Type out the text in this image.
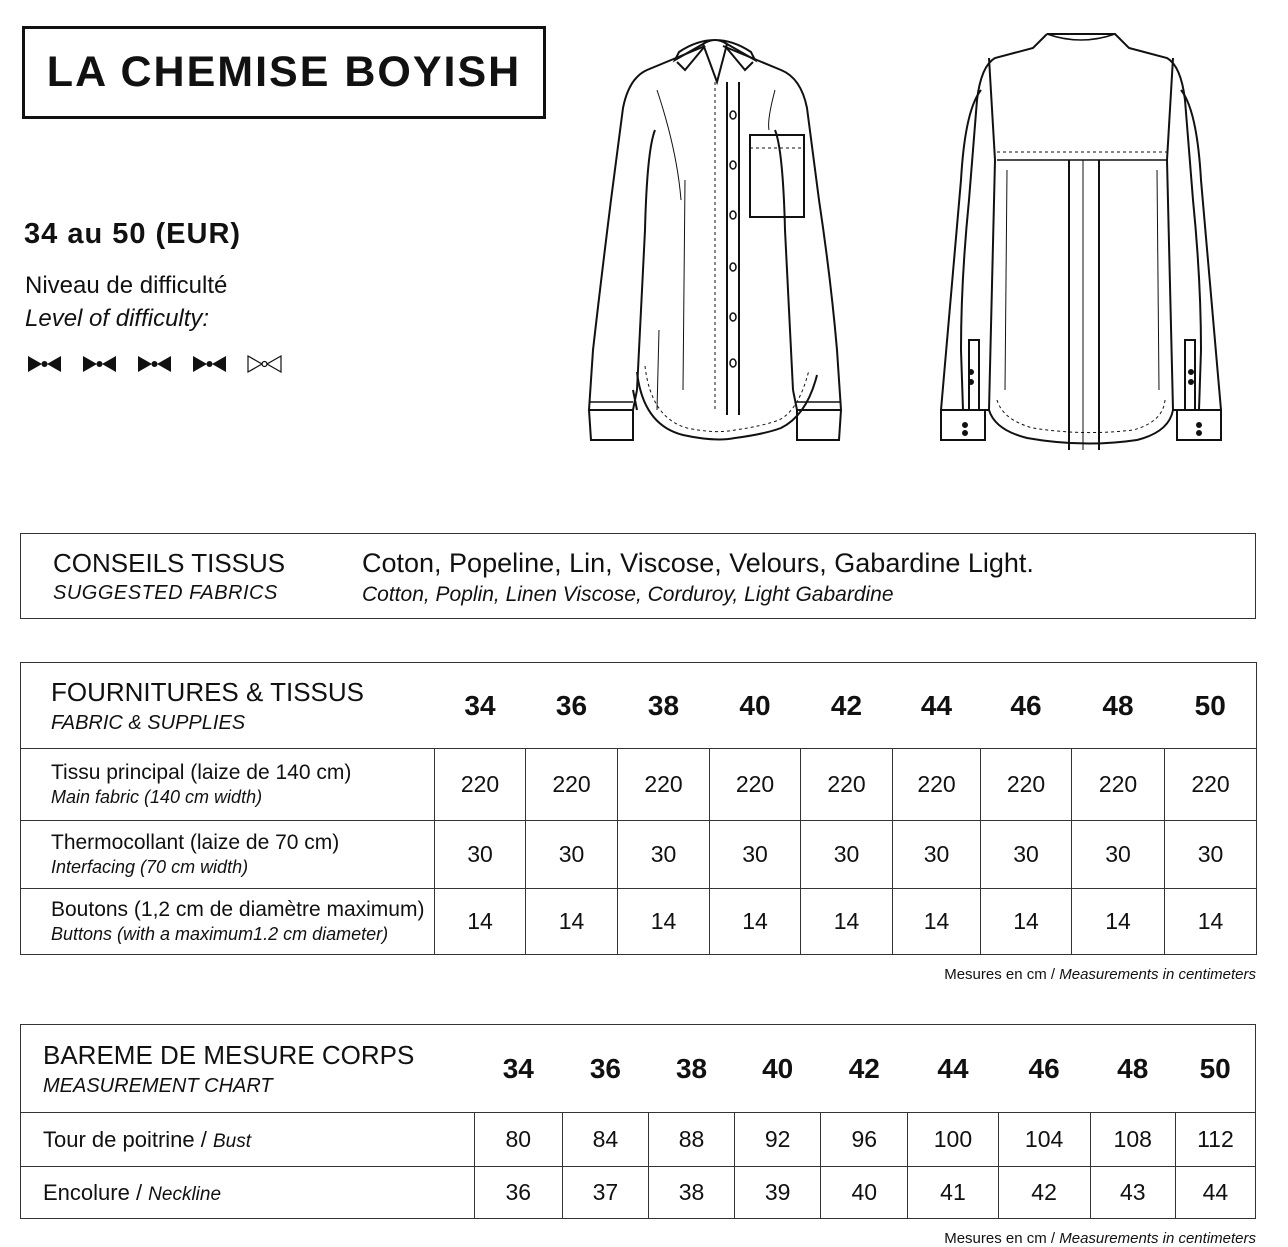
LA CHEMISE BOYISH
34 au 50 (EUR)
Niveau de difficulté
Level of difficulty:
CONSEILS TISSUS
SUGGESTED FABRICS
Coton, Popeline, Lin, Viscose, Velours, Gabardine Light.
Cotton, Poplin, Linen Viscose, Corduroy, Light Gabardine
FOURNITURES & TISSUS
FABRIC & SUPPLIES	34	36	38	40	42	44	46	48	50

Tissu principal (laize de 140 cm)
Main fabric (140 cm width)	220	220	220	220	220	220	220	220	220

Thermocollant (laize de 70 cm)
Interfacing (70 cm width)	30	30	30	30	30	30	30	30	30

Boutons (1,2 cm de diamètre maximum)
Buttons (with a maximum1.2 cm diameter)	14	14	14	14	14	14	14	14	14
Mesures en cm / Measurements in centimeters
BAREME DE MESURE CORPS
MEASUREMENT CHART	34	36	38	40	42	44	46	48	50

Tour de poitrine / Bust	80	84	88	92	96	100	104	108	112

Encolure / Neckline	36	37	38	39	40	41	42	43	44
Mesures en cm / Measurements in centimeters
